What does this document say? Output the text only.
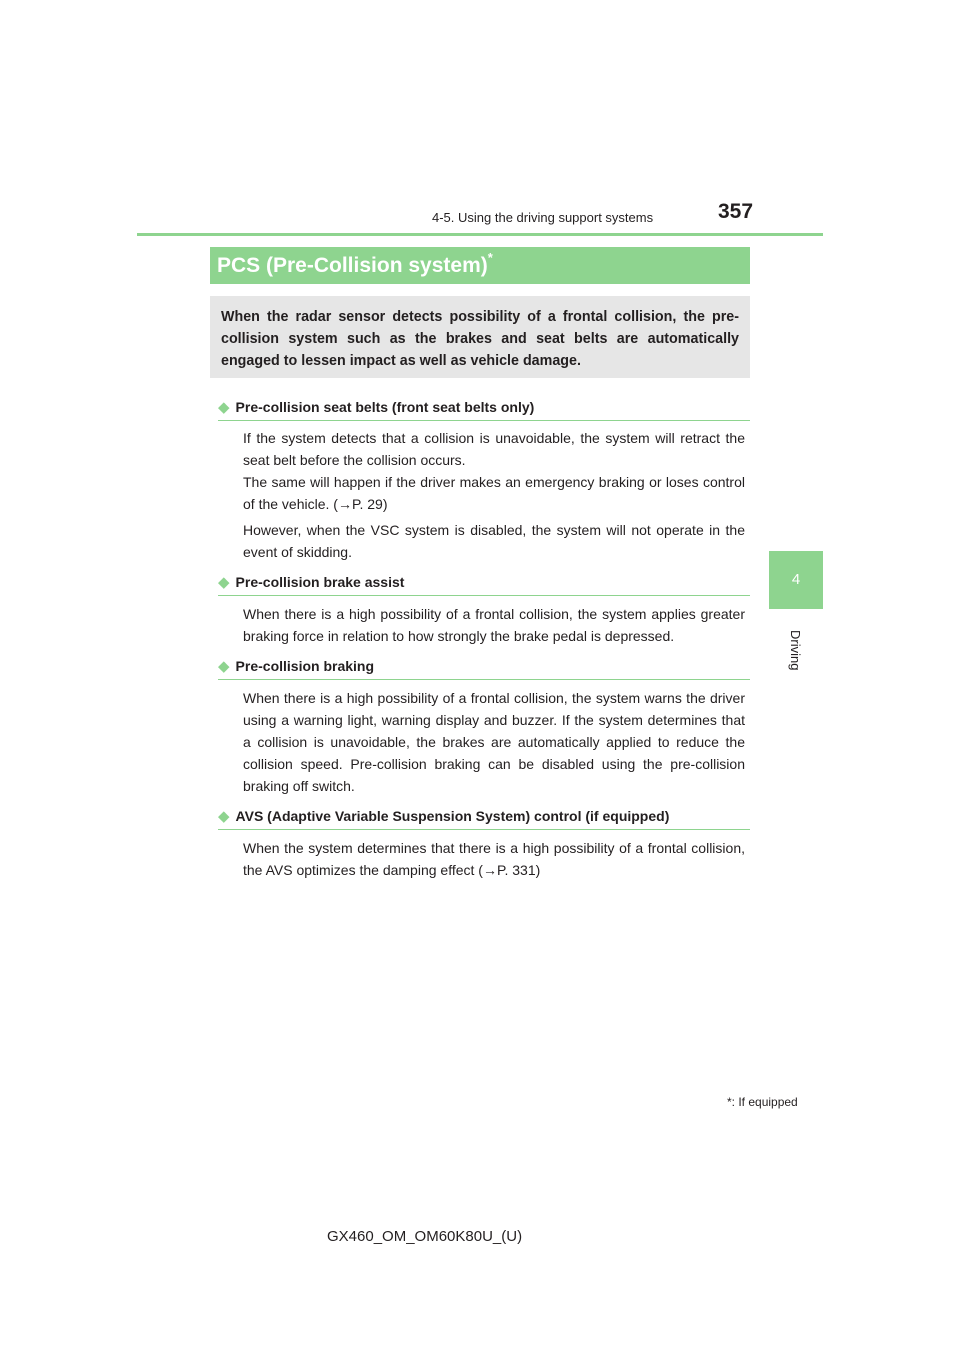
4-5. Using the driving support systems	357
4
Driving
PCS (Pre-Collision system)*
When the radar sensor detects possibility of a frontal collision, the pre-collision system such as the brakes and seat belts are automatically engaged to lessen impact as well as vehicle damage.
◆ Pre-collision seat belts (front seat belts only)
If the system detects that a collision is unavoidable, the system will retract the seat belt before the collision occurs.
The same will happen if the driver makes an emergency braking or loses control of the vehicle. (→P. 29)
However, when the VSC system is disabled, the system will not operate in the event of skidding.
◆ Pre-collision brake assist
When there is a high possibility of a frontal collision, the system applies greater braking force in relation to how strongly the brake pedal is depressed.
◆ Pre-collision braking
When there is a high possibility of a frontal collision, the system warns the driver using a warning light, warning display and buzzer. If the system determines that a collision is unavoidable, the brakes are automatically applied to reduce the collision speed. Pre-collision braking can be disabled using the pre-collision braking off switch.
◆ AVS (Adaptive Variable Suspension System) control (if equipped)
When the system determines that there is a high possibility of a frontal collision, the AVS optimizes the damping effect (→P. 331)
*: If equipped
GX460_OM_OM60K80U_(U)
